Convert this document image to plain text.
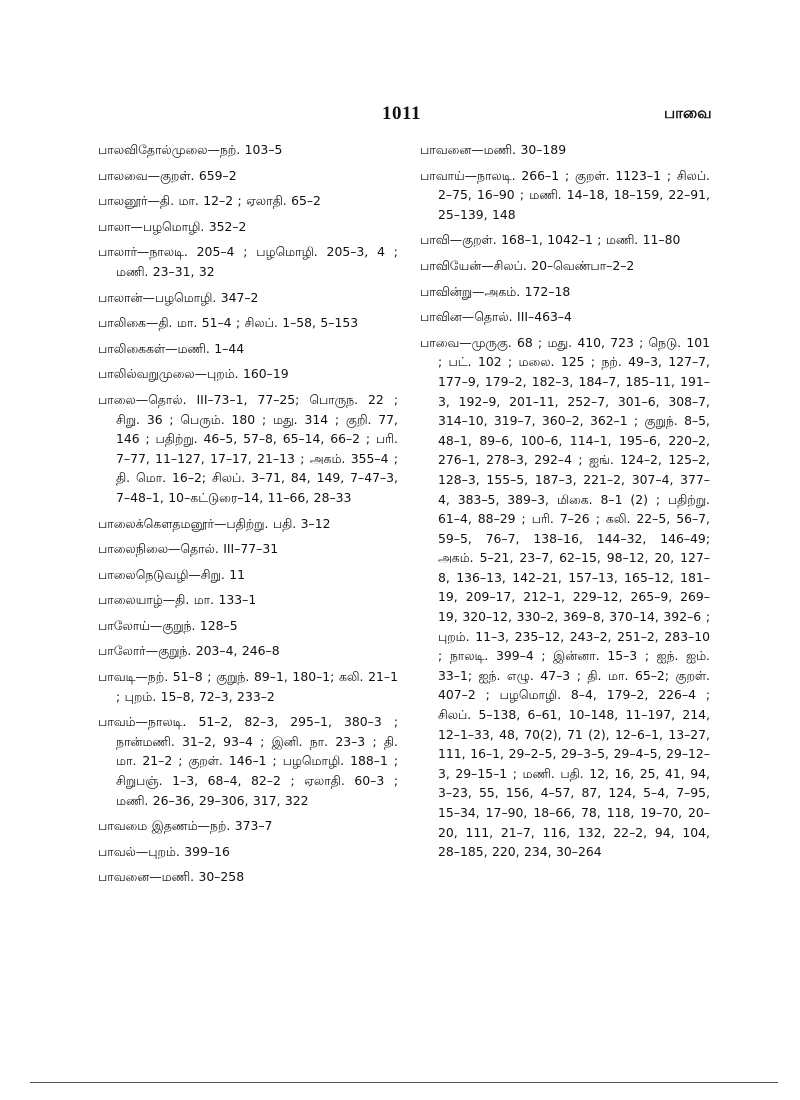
1011	பாவை

பாலவிதோல்முலை—நற். 103–5

பாலவை—குறள். 659–2

பாலனூர்—தி. மா. 12–2 ; ஏலாதி. 65–2

பாலா—பழமொழி. 352–2

பாலார்—நாலடி. 205–4 ; பழமொழி. 205–3, 4 ; மணி. 23–31, 32

பாலான்—பழமொழி. 347–2

பாலிகை—தி. மா. 51–4 ; சிலப். 1–58, 5–153

பாலிகைகள்—மணி. 1–44

பாலில்வறுமுலை—புறம். 160–19

பாலை—தொல். III–73–1, 77–25; பொருந. 22 ; சிறு. 36 ; பெரும். 180 ; மது. 314 ; குறி. 77, 146 ; பதிற்று. 46–5, 57–8, 65–14, 66–2 ; பரி. 7–77, 11–127, 17–17, 21–13 ; அகம். 355–4 ; தி. மொ. 16–2; சிலப். 3–71, 84, 149, 7–47–3, 7–48–1, 10–கட்டுரை–14, 11–66, 28–33

பாலைக்கௌதமனூர்—பதிற்று. பதி. 3–12

பாலைநிலை—தொல். III–77–31

பாலைநெடுவழி—சிறு. 11

பாலையாழ்—தி. மா. 133–1

பாலோய்—குறுந். 128–5

பாலோர்—குறுந். 203–4, 246–8

பாவடி—நற். 51–8 ; குறுந். 89–1, 180–1; கலி. 21–1 ; புறம். 15–8, 72–3, 233–2

பாவம்—நாலடி. 51–2, 82–3, 295–1, 380–3 ; நான்மணி. 31–2, 93–4 ; இனி. நா. 23–3 ; தி. மா. 21–2 ; குறள். 146–1 ; பழமொழி. 188–1 ; சிறுபஞ். 1–3, 68–4, 82–2 ; ஏலாதி. 60–3 ; மணி. 26–36, 29–306, 317, 322

பாவமை இதணம்—நற். 373–7

பாவல்—புறம். 399–16

பாவனை—மணி. 30–258

பாவனை—மணி. 30–189

பாவாய்—நாலடி. 266–1 ; குறள். 1123–1 ; சிலப். 2–75, 16–90 ; மணி. 14–18, 18–159, 22–91, 25–139, 148

பாவி—குறள். 168–1, 1042–1 ; மணி. 11–80

பாவியேன்—சிலப். 20–வெண்பா–2–2

பாவின்று—அகம். 172–18

பாவின—தொல். III–463–4

பாவை—முருகு. 68 ; மது. 410, 723 ; நெடு. 101 ; பட். 102 ; மலை. 125 ; நற். 49–3, 127–7, 177–9, 179–2, 182–3, 184–7, 185–11, 191–3, 192–9, 201–11, 252–7, 301–6, 308–7, 314–10, 319–7, 360–2, 362–1 ; குறுந். 8–5, 48–1, 89–6, 100–6, 114–1, 195–6, 220–2, 276–1, 278–3, 292–4 ; ஐங். 124–2, 125–2, 128–3, 155–5, 187–3, 221–2, 307–4, 377–4, 383–5, 389–3, மிகை. 8–1 (2) ; பதிற்று. 61–4, 88–29 ; பரி. 7–26 ; கலி. 22–5, 56–7, 59–5, 76–7, 138–16, 144–32, 146–49; அகம். 5–21, 23–7, 62–15, 98–12, 20, 127–8, 136–13, 142–21, 157–13, 165–12, 181–19, 209–17, 212–1, 229–12, 265–9, 269–19, 320–12, 330–2, 369–8, 370–14, 392–6 ; புறம். 11–3, 235–12, 243–2, 251–2, 283–10 ; நாலடி. 399–4 ; இன்னா. 15–3 ; ஐந். ஐம். 33–1; ஐந். எழு. 47–3 ; தி. மா. 65–2; குறள். 407–2 ; பழமொழி. 8–4, 179–2, 226–4 ; சிலப். 5–138, 6–61, 10–148, 11–197, 214, 12–1–33, 48, 70(2), 71 (2), 12–6–1, 13–27, 111, 16–1, 29–2–5, 29–3–5, 29–4–5, 29–12–3, 29–15–1 ; மணி. பதி. 12, 16, 25, 41, 94, 3–23, 55, 156, 4–57, 87, 124, 5–4, 7–95, 15–34, 17–90, 18–66, 78, 118, 19–70, 20–20, 111, 21–7, 116, 132, 22–2, 94, 104, 28–185, 220, 234, 30–264
